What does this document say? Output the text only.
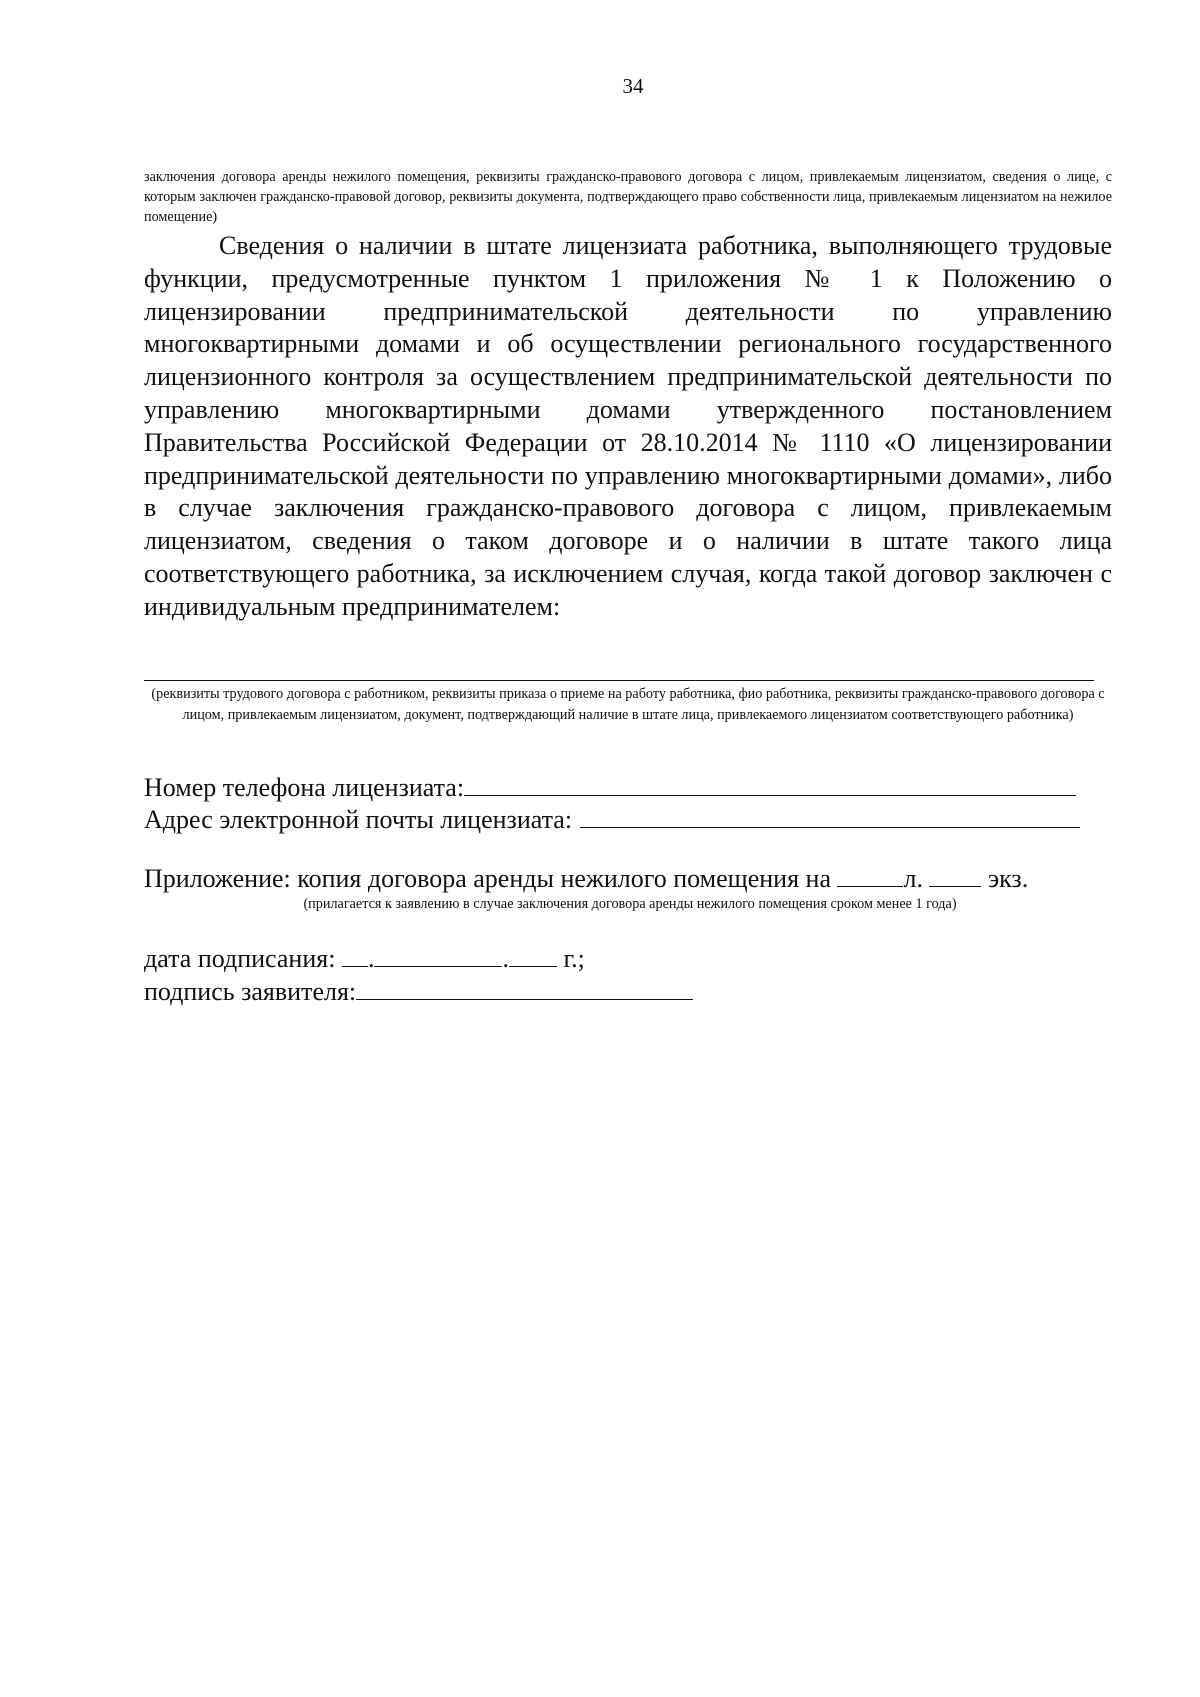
34
заключения договора аренды нежилого помещения, реквизиты гражданско-правового договора с лицом, привлекаемым лицензиатом, сведения о лице, с которым заключен гражданско-правовой договор, реквизиты документа, подтверждающего право собственности лица, привлекаемым лицензиатом на нежилое помещение)

Сведения о наличии в штате лицензиата работника, выполняющего трудовые функции, предусмотренные пунктом 1 приложения № 1 к Положению о лицензировании предпринимательской деятельности по управлению многоквартирными домами и об осуществлении регионального государственного лицензионного контроля за осуществлением предпринимательской деятельности по управлению многоквартирными домами утвержденного постановлением Правительства Российской Федерации от 28.10.2014 № 1110 «О лицензировании предпринимательской деятельности по управлению многоквартирными домами», либо в случае заключения гражданско-правового договора с лицом, привлекаемым лицензиатом, сведения о таком договоре и о наличии в штате такого лица соответствующего работника, за исключением случая, когда такой договор заключен с индивидуальным предпринимателем:

(реквизиты трудового договора с работником, реквизиты приказа о приеме на работу работника, фио работника, реквизиты гражданско-правового договора с лицом, привлекаемым лицензиатом, документ, подтверждающий наличие в штате лица, привлекаемого лицензиатом соответствующего работника)
Номер телефона лицензиата:
Адрес электронной почты лицензиата:
Приложение: копия договора аренды нежилого помещения на	л.	экз.
(прилагается к заявлению в случае заключения договора аренды нежилого помещения сроком менее 1 года)
дата подписания: .	. г.;
подпись заявителя:
